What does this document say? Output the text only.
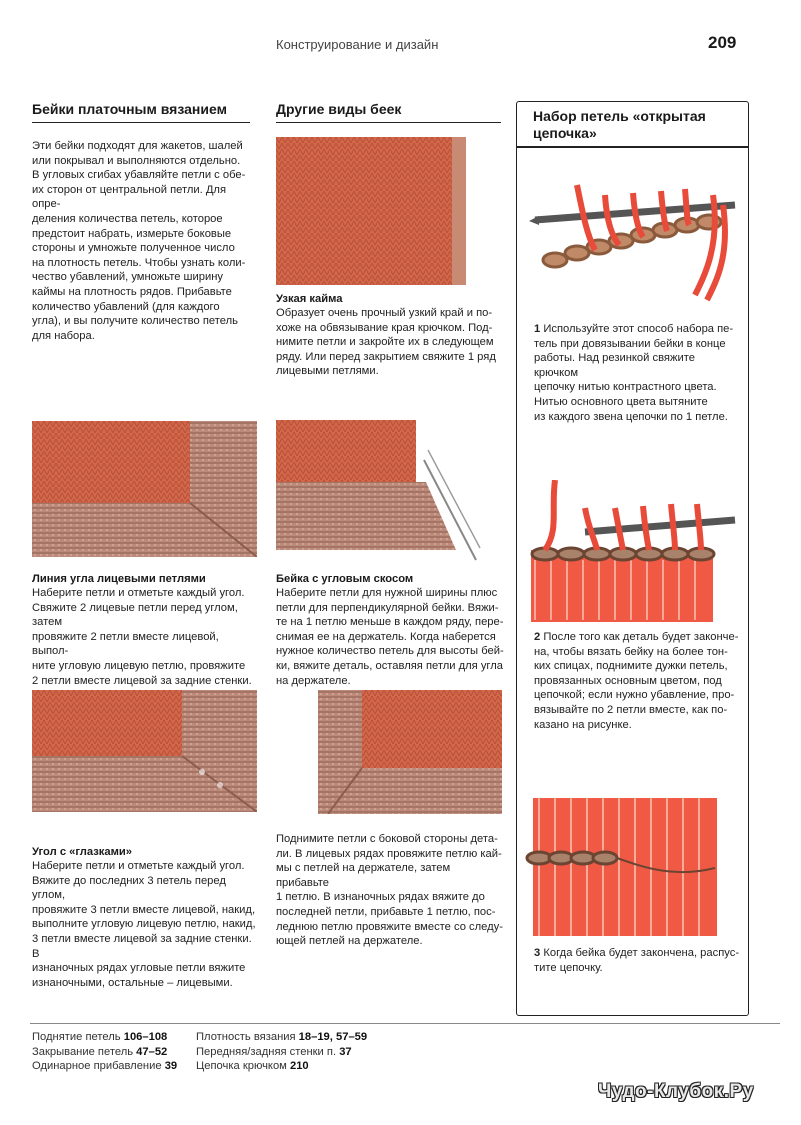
Конструирование и дизайн	209
Бейки платочным вязанием
Эти бейки подходят для жакетов, шалей
или покрывал и выполняются отдельно.
В угловых сгибах убавляйте петли с обе-
их сторон от центральной петли. Для опре-
деления количества петель, которое
предстоит набрать, измерьте боковые
стороны и умножьте полученное число
на плотность петель. Чтобы узнать коли-
чество убавлений, умножьте ширину
каймы на плотность рядов. Прибавьте
количество убавлений (для каждого
угла), и вы получите количество петель
для набора.
Линия угла лицевыми петлями
Наберите петли и отметьте каждый угол.
Свяжите 2 лицевые петли перед углом, затем
провяжите 2 петли вместе лицевой, выпол-
ните угловую лицевую петлю, провяжите
2 петли вместе лицевой за задние стенки.
Угол с «глазками»
Наберите петли и отметьте каждый угол.
Вяжите до последних 3 петель перед углом,
провяжите 3 петли вместе лицевой, накид,
выполните угловую лицевую петлю, накид,
3 петли вместе лицевой за задние стенки. В
изнаночных рядах угловые петли вяжите
изнаночными, остальные – лицевыми.
Другие виды беек
Узкая кайма
Образует очень прочный узкий край и по-
хоже на обвязывание края крючком. Под-
нимите петли и закройте их в следующем
ряду. Или перед закрытием свяжите 1 ряд
лицевыми петлями.
Бейка с угловым скосом
Наберите петли для нужной ширины плюс
петли для перпендикулярной бейки. Вяжи-
те на 1 петлю меньше в каждом ряду, пере-
снимая ее на держатель. Когда наберется
нужное количество петель для высоты бей-
ки, вяжите деталь, оставляя петли для угла
на держателе.
Поднимите петли с боковой стороны дета-
ли. В лицевых рядах провяжите петлю кай-
мы с петлей на держателе, затем прибавьте
1 петлю. В изнаночных рядах вяжите до
последней петли, прибавьте 1 петлю, пос-
леднюю петлю провяжите вместе со следу-
ющей петлей на держателе.
Набор петель «открытая цепочка»
1 Используйте этот способ набора пе-
тель при довязывании бейки в конце
работы. Над резинкой свяжите крючком
цепочку нитью контрастного цвета.
Нитью основного цвета вытяните
из каждого звена цепочки по 1 петле.
2 После того как деталь будет законче-
на, чтобы вязать бейку на более тон-
ких спицах, поднимите дужки петель,
провязанных основным цветом, под
цепочкой; если нужно убавление, про-
вязывайте по 2 петли вместе, как по-
казано на рисунке.
3 Когда бейка будет закончена, распус-
тите цепочку.
Поднятие петель 106–108
Закрывание петель 47–52
Одинарное прибавление 39
Плотность вязания 18–19, 57–59
Передняя/задняя стенки п. 37
Цепочка крючком 210
Чудо-Клубок.Ру
